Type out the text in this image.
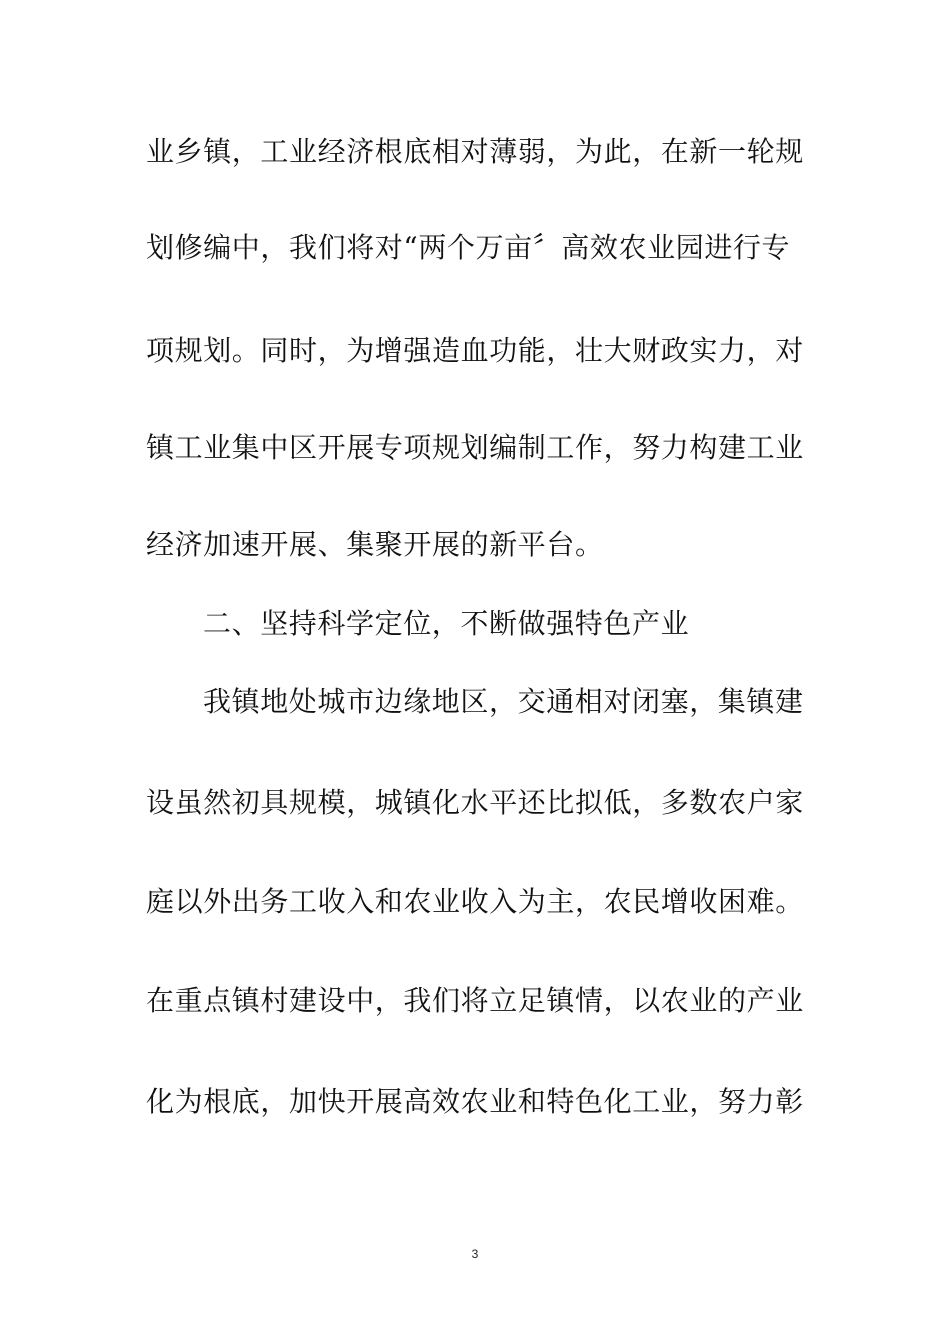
业乡镇，工业经济根底相对薄弱，为此，在新一轮规
划修编中，我们将对“两个万亩〞高效农业园进行专
项规划。同时，为增强造血功能，壮大财政实力，对
镇工业集中区开展专项规划编制工作，努力构建工业
经济加速开展、集聚开展的新平台。
二、坚持科学定位，不断做强特色产业
我镇地处城市边缘地区，交通相对闭塞，集镇建
设虽然初具规模，城镇化水平还比拟低，多数农户家
庭以外出务工收入和农业收入为主，农民增收困难。
在重点镇村建设中，我们将立足镇情，以农业的产业
化为根底，加快开展高效农业和特色化工业，努力彰
3
